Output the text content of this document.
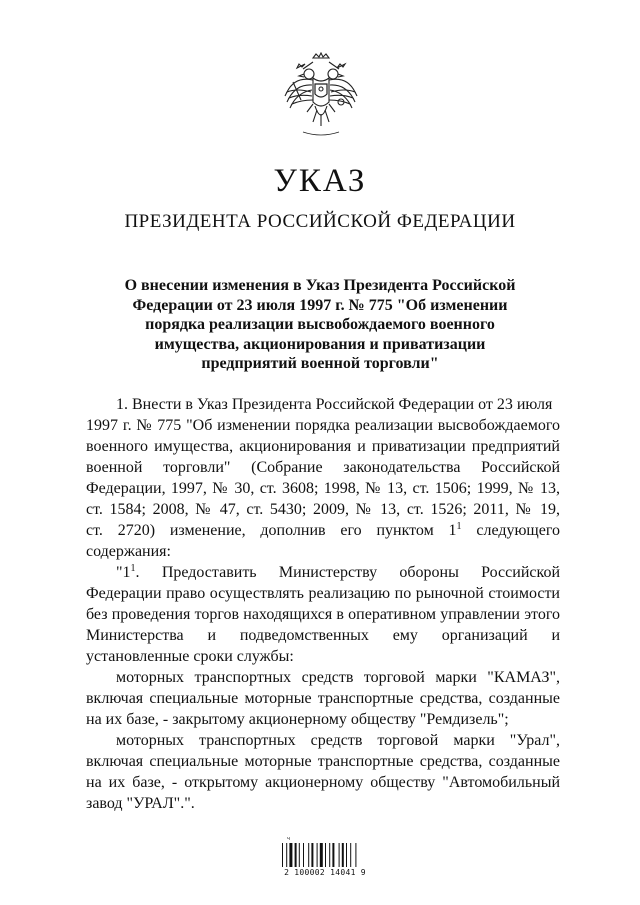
УКАЗ
ПРЕЗИДЕНТА РОССИЙСКОЙ ФЕДЕРАЦИИ
О внесении изменения в Указ Президента Российской
Федерации от 23 июля 1997 г. № 775 "Об изменении
порядка реализации высвобождаемого военного
имущества, акционирования и приватизации
предприятий военной торговли"
1. Внести в Указ Президента Российской Федерации от 23 июля
1997 г. № 775 "Об изменении порядка реализации высвобождаемого
военного имущества, акционирования и приватизации предприятий
военной торговли" (Собрание законодательства Российской
Федерации, 1997, № 30, ст. 3608; 1998, № 13, ст. 1506; 1999, № 13,
ст. 1584; 2008, № 47, ст. 5430; 2009, № 13, ст. 1526; 2011, № 19,
ст. 2720) изменение, дополнив его пунктом $1^1$ следующего
содержания:
"$1^1$. Предоставить Министерству обороны Российской
Федерации право осуществлять реализацию по рыночной стоимости
без проведения торгов находящихся в оперативном управлении этого
Министерства и подведомственных ему организаций и
установленные сроки службы:
моторных транспортных средств торговой марки "КАМАЗ",
включая специальные моторные транспортные средства, созданные
на их базе, - закрытому акционерному обществу "Ремдизель";
моторных транспортных средств торговой марки "Урал",
включая специальные моторные транспортные средства, созданные
на их базе, - открытому акционерному обществу "Автомобильный
завод "УРАЛ".".
ч
2 100002 14041 9
